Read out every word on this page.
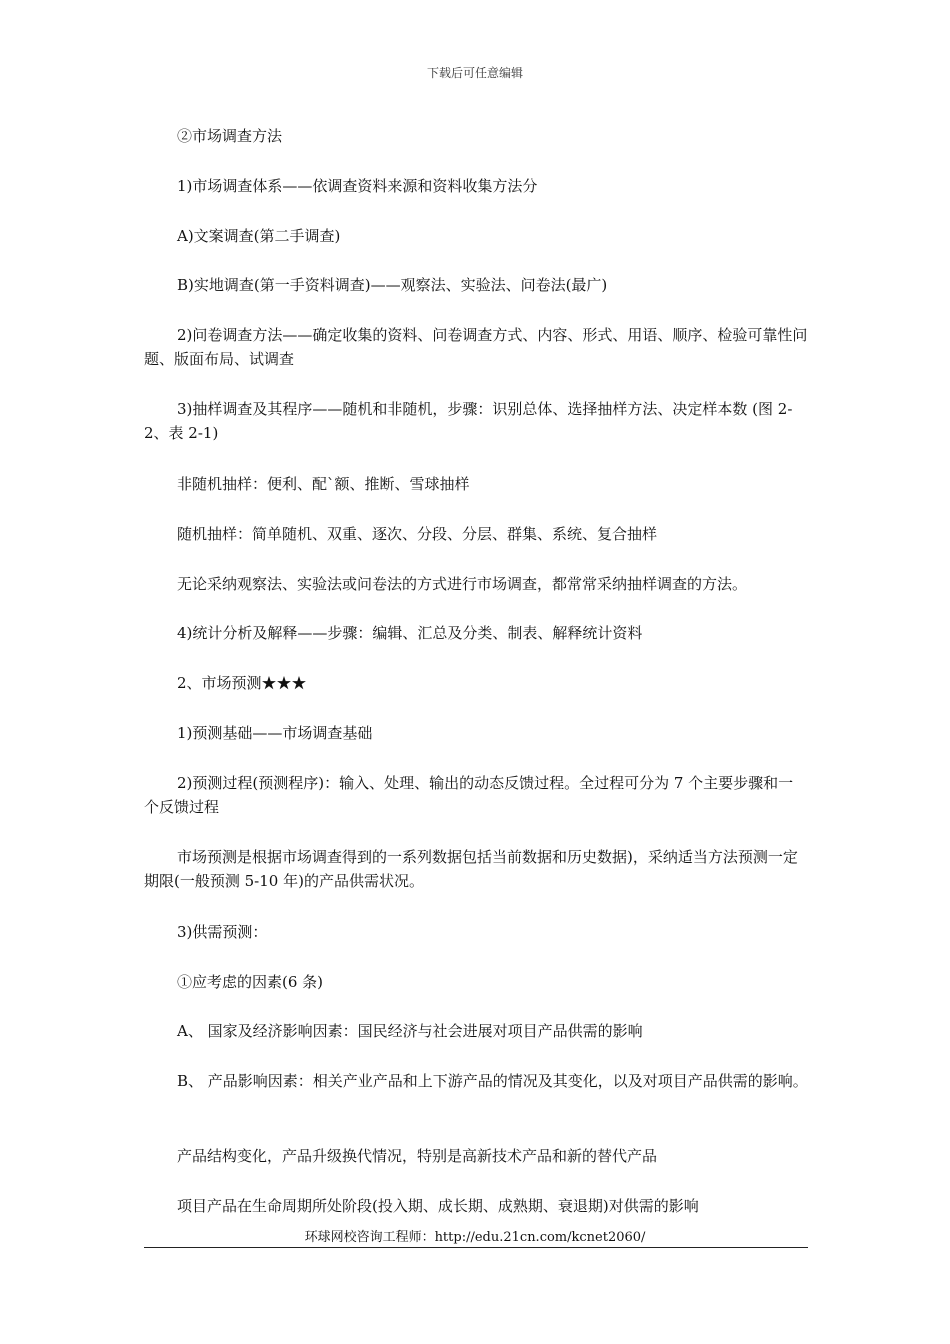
下载后可任意编辑
②市场调查方法
1)市场调查体系——依调查资料来源和资料收集方法分
A)文案调查(第二手调查)
B)实地调查(第一手资料调查)——观察法、实验法、问卷法(最广)
2)问卷调查方法——确定收集的资料、问卷调查方式、内容、形式、用语、顺序、检验可靠性问题、版面布局、试调查
3)抽样调查及其程序——随机和非随机，步骤：识别总体、选择抽样方法、决定样本数 (图 2-2、表 2-1)
非随机抽样：便利、配`额、推断、雪球抽样
随机抽样：简单随机、双重、逐次、分段、分层、群集、系统、复合抽样
无论采纳观察法、实验法或问卷法的方式进行市场调查，都常常采纳抽样调查的方法。
4)统计分析及解释——步骤：编辑、汇总及分类、制表、解释统计资料
2、市场预测★★★
1)预测基础——市场调查基础
2)预测过程(预测程序)：输入、处理、输出的动态反馈过程。全过程可分为 7 个主要步骤和一个反馈过程
市场预测是根据市场调查得到的一系列数据包括当前数据和历史数据)，采纳适当方法预测一定期限(一般预测 5-10 年)的产品供需状况。
3)供需预测：
①应考虑的因素(6 条)
A、 国家及经济影响因素：国民经济与社会进展对项目产品供需的影响
B、 产品影响因素：相关产业产品和上下游产品的情况及其变化，以及对项目产品供需的影响。
产品结构变化，产品升级换代情况，特别是高新技术产品和新的替代产品
项目产品在生命周期所处阶段(投入期、成长期、成熟期、衰退期)对供需的影响
环球网校咨询工程师：http://edu.21cn.com/kcnet2060/
